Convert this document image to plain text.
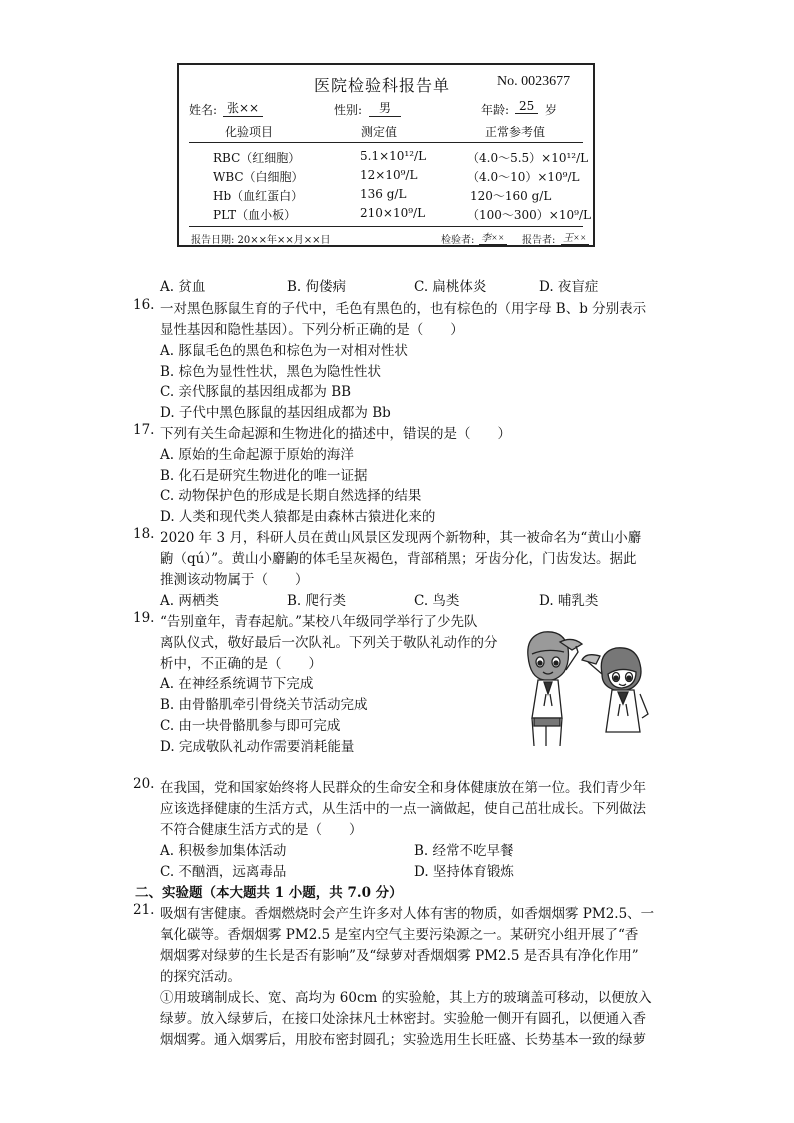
医院检验科报告单	No. 0023677
姓名: 张××	性别:	男	年龄: 25 岁
化验项目	测定值	正常参考值
RBC（红细胞）	5.1×10¹²/L	（4.0～5.5）×10¹²/L
WBC（白细胞）	12×10⁹/L	（4.0～10）×10⁹/L
Hb（血红蛋白）	136 g/L	120～160 g/L
PLT（血小板）	210×10⁹/L	（100～300）×10⁹/L
报告日期: 20××年××月××日	检验者: 李×× 报告者: 王××
A. 贫血	B. 佝偻病	C. 扁桃体炎	D. 夜盲症
16. 一对黑色豚鼠生育的子代中，毛色有黑色的，也有棕色的（用字母 B、b 分别表示
显性基因和隐性基因）。下列分析正确的是（　　）
A. 豚鼠毛色的黑色和棕色为一对相对性状
B. 棕色为显性性状，黑色为隐性性状
C. 亲代豚鼠的基因组成都为 BB
D. 子代中黑色豚鼠的基因组成都为 Bb
17. 下列有关生命起源和生物进化的描述中，错误的是（　　）
A. 原始的生命起源于原始的海洋
B. 化石是研究生物进化的唯一证据
C. 动物保护色的形成是长期自然选择的结果
D. 人类和现代类人猿都是由森林古猿进化来的
18. 2020 年 3 月，科研人员在黄山风景区发现两个新物种，其一被命名为“黄山小麝
鼩（qú）”。黄山小麝鼩的体毛呈灰褐色，背部稍黑；牙齿分化，门齿发达。据此
推测该动物属于（　　）
A. 两栖类	B. 爬行类	C. 鸟类	D. 哺乳类
19. “告别童年，青春起航。”某校八年级同学举行了少先队
离队仪式，敬好最后一次队礼。下列关于敬队礼动作的分
析中，不正确的是（　　）
A. 在神经系统调节下完成
B. 由骨骼肌牵引骨绕关节活动完成
C. 由一块骨骼肌参与即可完成
D. 完成敬队礼动作需要消耗能量
20. 在我国，党和国家始终将人民群众的生命安全和身体健康放在第一位。我们青少年
应该选择健康的生活方式，从生活中的一点一滴做起，使自己茁壮成长。下列做法
不符合健康生活方式的是（　　）
A. 积极参加集体活动	B. 经常不吃早餐
C. 不酗酒，远离毒品	D. 坚持体育锻炼
二、实验题（本大题共 1 小题，共 7.0 分）
21. 吸烟有害健康。香烟燃烧时会产生许多对人体有害的物质，如香烟烟雾 PM2.5、一
氧化碳等。香烟烟雾 PM2.5 是室内空气主要污染源之一。某研究小组开展了“香
烟烟雾对绿萝的生长是否有影响”及“绿萝对香烟烟雾 PM2.5 是否具有净化作用”
的探究活动。
①用玻璃制成长、宽、高均为 60cm 的实验舱，其上方的玻璃盖可移动，以便放入
绿萝。放入绿萝后，在接口处涂抹凡士林密封。实验舱一侧开有圆孔，以便通入香
烟烟雾。通入烟雾后，用胶布密封圆孔；实验选用生长旺盛、长势基本一致的绿萝
